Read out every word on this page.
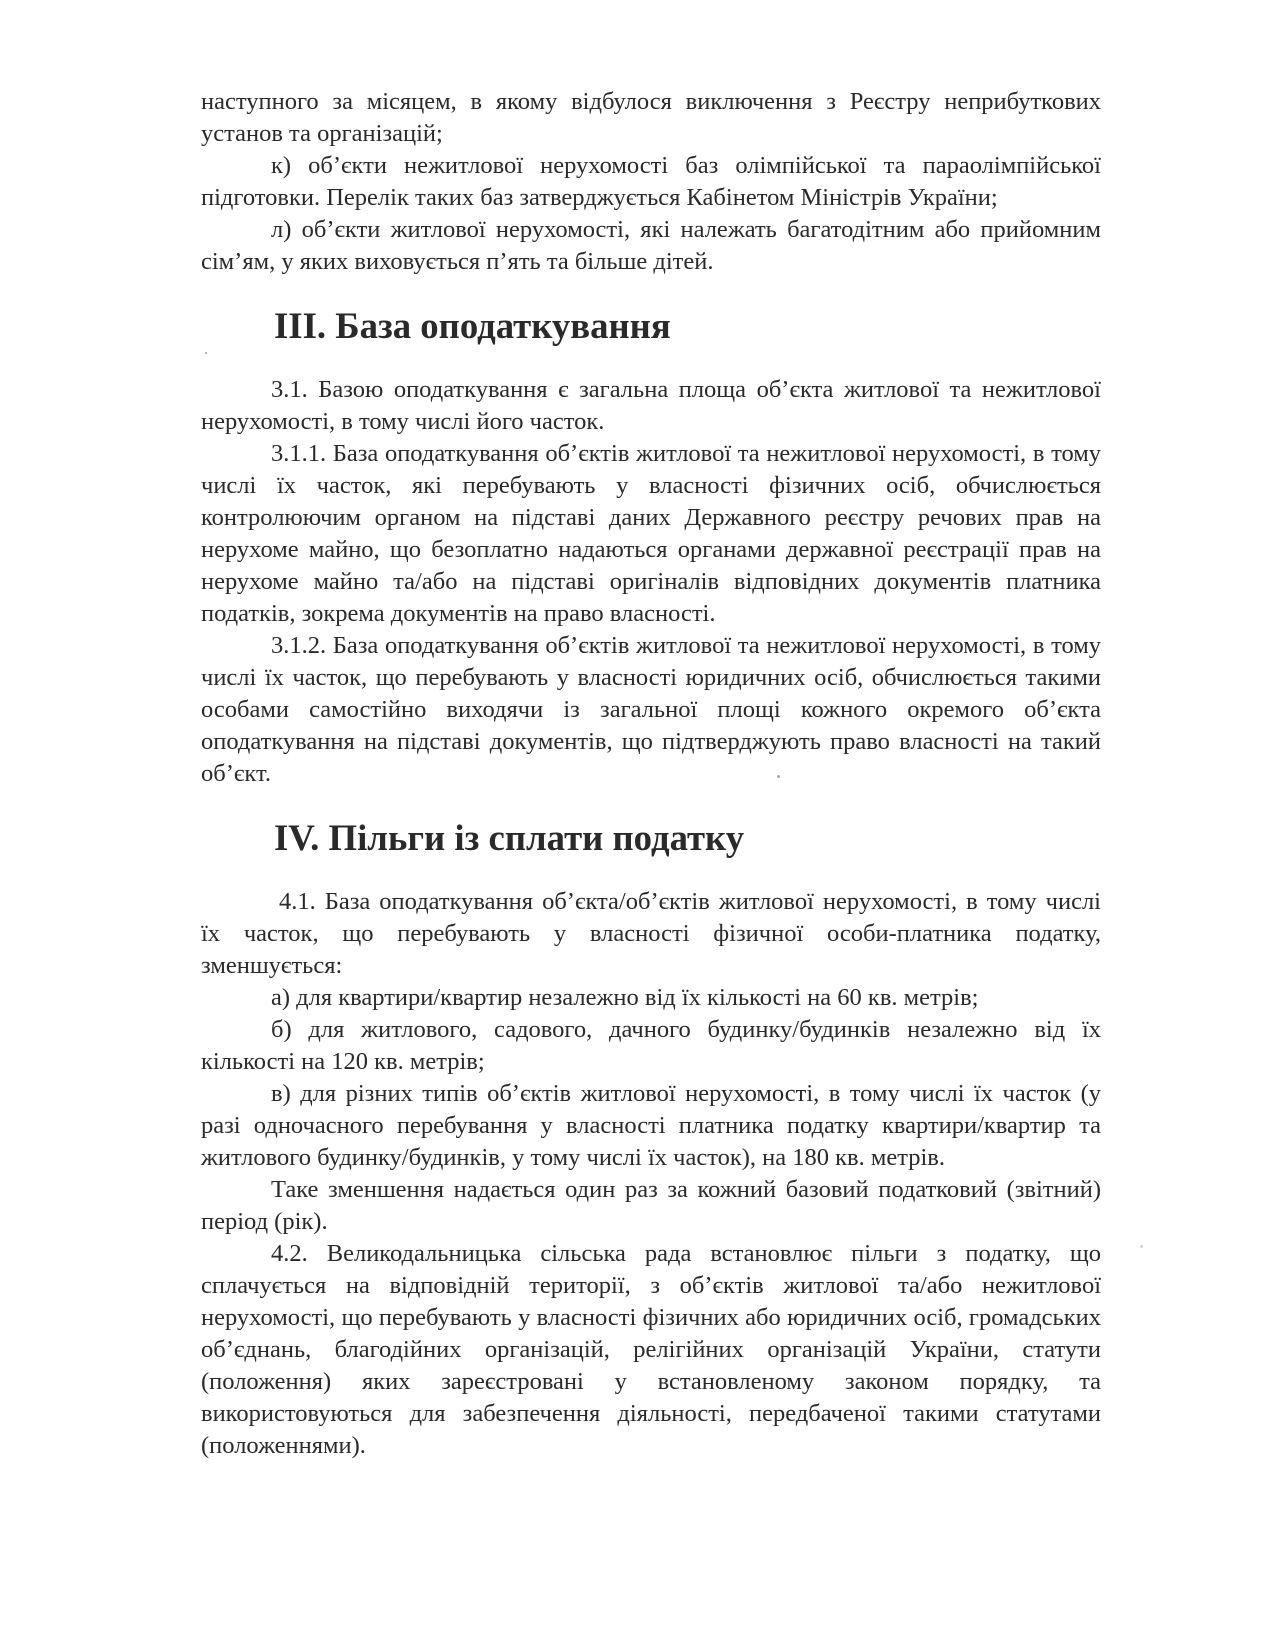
наступного за місяцем, в якому відбулося виключення з Реєстру неприбуткових установ та організацій;

к) об’єкти нежитлової нерухомості баз олімпійської та параолімпійської підготовки. Перелік таких баз затверджується Кабінетом Міністрів України;

л) об’єкти житлової нерухомості, які належать багатодітним або прийомним сім’ям, у яких виховується п’ять та більше дітей.

ІІІ. База оподаткування

3.1. Базою оподаткування є загальна площа об’єкта житлової та нежитлової нерухомості, в тому числі його часток.

3.1.1. База оподаткування об’єктів житлової та нежитлової нерухомості, в тому числі їх часток, які перебувають у власності фізичних осіб, обчислюється контролюючим органом на підставі даних Державного реєстру речових прав на нерухоме майно, що безоплатно надаються органами державної реєстрації прав на нерухоме майно та/або на підставі оригіналів відповідних документів платника податків, зокрема документів на право власності.

3.1.2. База оподаткування об’єктів житлової та нежитлової нерухомості, в тому числі їх часток, що перебувають у власності юридичних осіб, обчислюється такими особами самостійно виходячи із загальної площі кожного окремого об’єкта оподаткування на підставі документів, що підтверджують право власності на такий об’єкт.

IV. Пільги із сплати податку

4.1. База оподаткування об’єкта/об’єктів житлової нерухомості, в тому числі їх часток, що перебувають у власності фізичної особи-платника податку, зменшується:

а) для квартири/квартир незалежно від їх кількості на 60 кв. метрів;

б) для житлового, садового, дачного будинку/будинків незалежно від їх кількості на 120 кв. метрів;

в) для різних типів об’єктів житлової нерухомості, в тому числі їх часток (у разі одночасного перебування у власності платника податку квартири/квартир та житлового будинку/будинків, у тому числі їх часток), на 180 кв. метрів.

Таке зменшення надається один раз за кожний базовий податковий (звітний) період (рік).

4.2. Великодальницька сільська рада встановлює пільги з податку, що сплачується на відповідній території, з об’єктів житлової та/або нежитлової нерухомості, що перебувають у власності фізичних або юридичних осіб, громадських об’єднань, благодійних організацій, релігійних організацій України, статути (положення) яких зареєстровані у встановленому законом порядку, та використовуються для забезпечення діяльності, передбаченої такими статутами (положеннями).
